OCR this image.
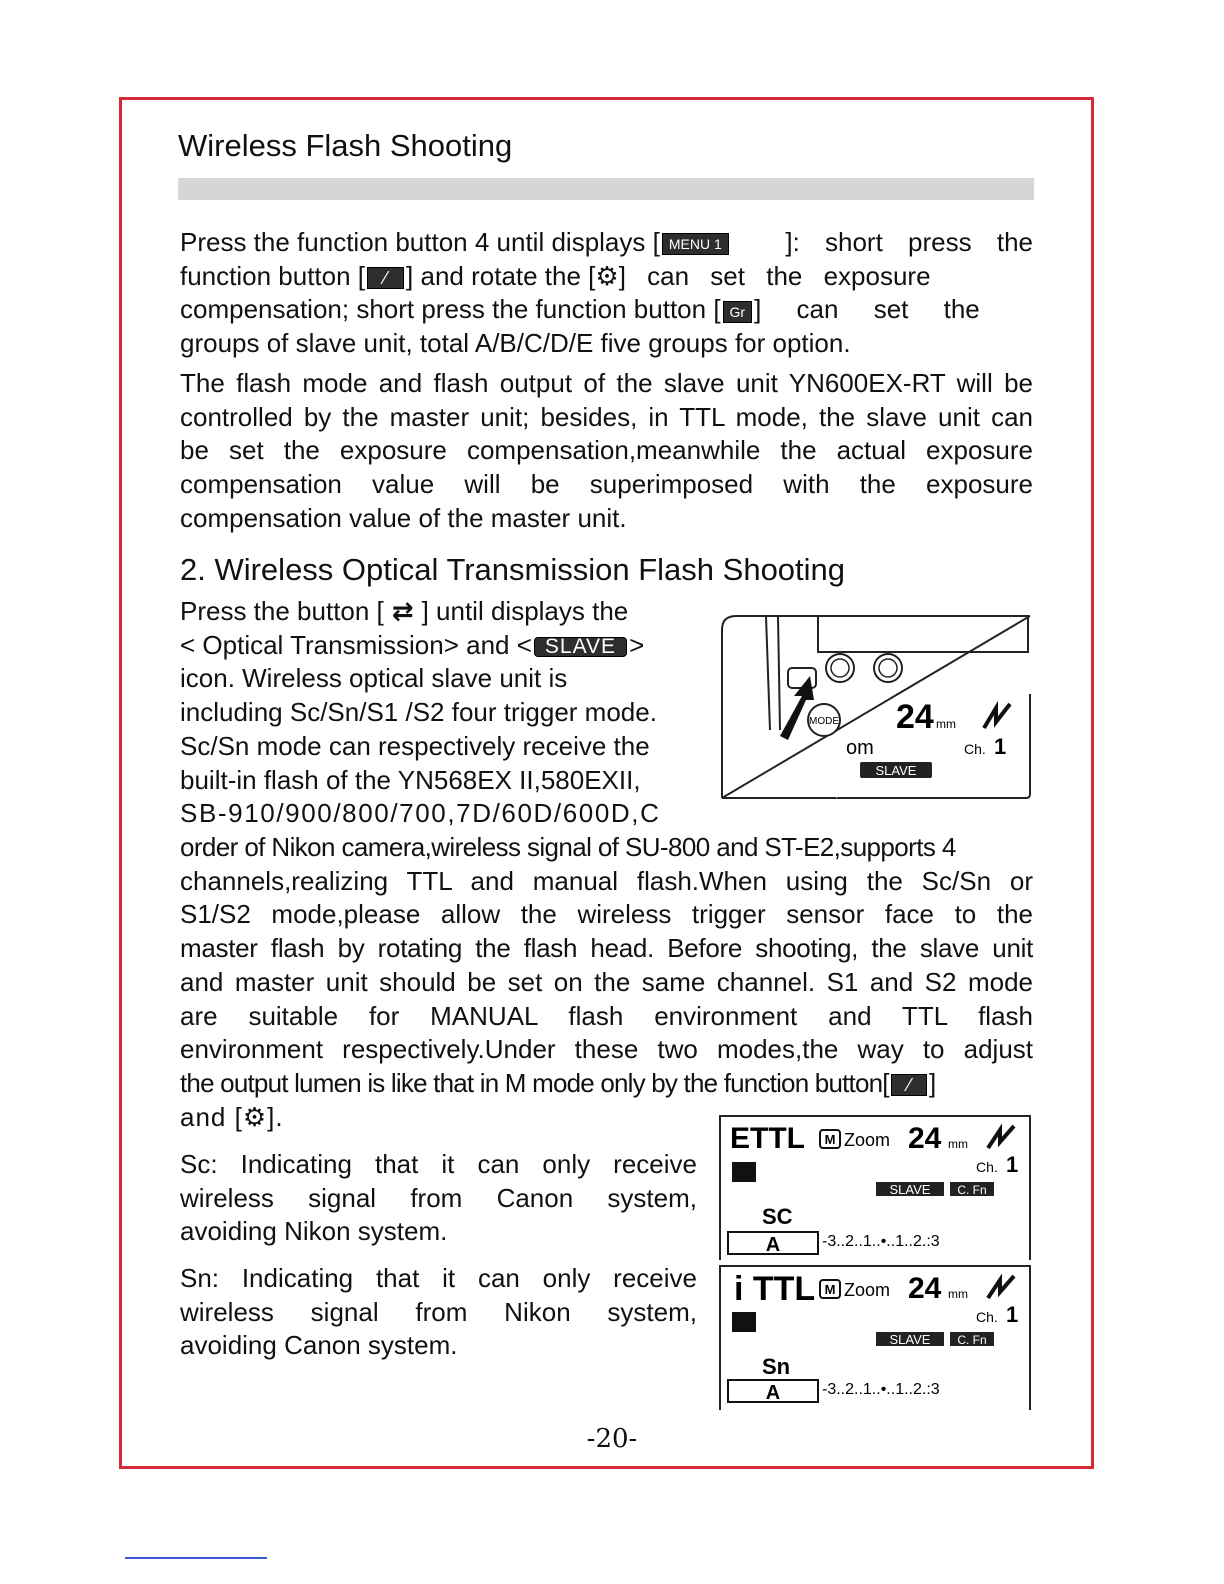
Wireless Flash Shooting
Press the function button 4 until displays [ MENU 1	]: short press the
function button [ ⁄ ] and rotate the [⚙] can set the exposure
compensation; short press the function button [ Gr ] can set the
groups of slave unit, total A/B/C/D/E five groups for option.
The flash mode and flash output of the slave unit YN600EX-RT will be
controlled by the master unit; besides, in TTL mode, the slave unit can
be set the exposure compensation,meanwhile the actual exposure
compensation value will be superimposed with the exposure
compensation value of the master unit.
2. Wireless Optical Transmission Flash Shooting
Press the button [ ⇄ ] until displays the
< Optical Transmission> and < SLAVE >
icon. Wireless optical slave unit is
including Sc/Sn/S1 /S2 four trigger mode.
Sc/Sn mode can respectively receive the
built-in flash of the YN568EX II,580EXII,
SB-910/900/800/700,7D/60D/600D,C
order of Nikon camera,wireless signal of SU-800 and ST-E2,supports 4
channels,realizing TTL and manual flash.When using the Sc/Sn or
S1/S2 mode,please allow the wireless trigger sensor face to the
master flash by rotating the flash head. Before shooting, the slave unit
and master unit should be set on the same channel. S1 and S2 mode
are suitable for MANUAL flash environment and TTL flash
environment respectively.Under these two modes,the way to adjust
the output lumen is like that in M mode only by the function button[ ⁄ ]
and [⚙].
Sc: Indicating that it can only receive
wireless signal from Canon system,
avoiding Nikon system.
Sn: Indicating that it can only receive
wireless signal from Nikon system,
avoiding Canon system.
MODE
om
24 mm
Ch. 1
SLAVE
ETTL M Zoom 24 mm
Ch. 1
SLAVE C. Fn
SC
A	-3..2..1..•..1..2.:3
i TTL M Zoom 24 mm
Ch. 1
SLAVE C. Fn
Sn
A	-3..2..1..•..1..2.:3
-20-
